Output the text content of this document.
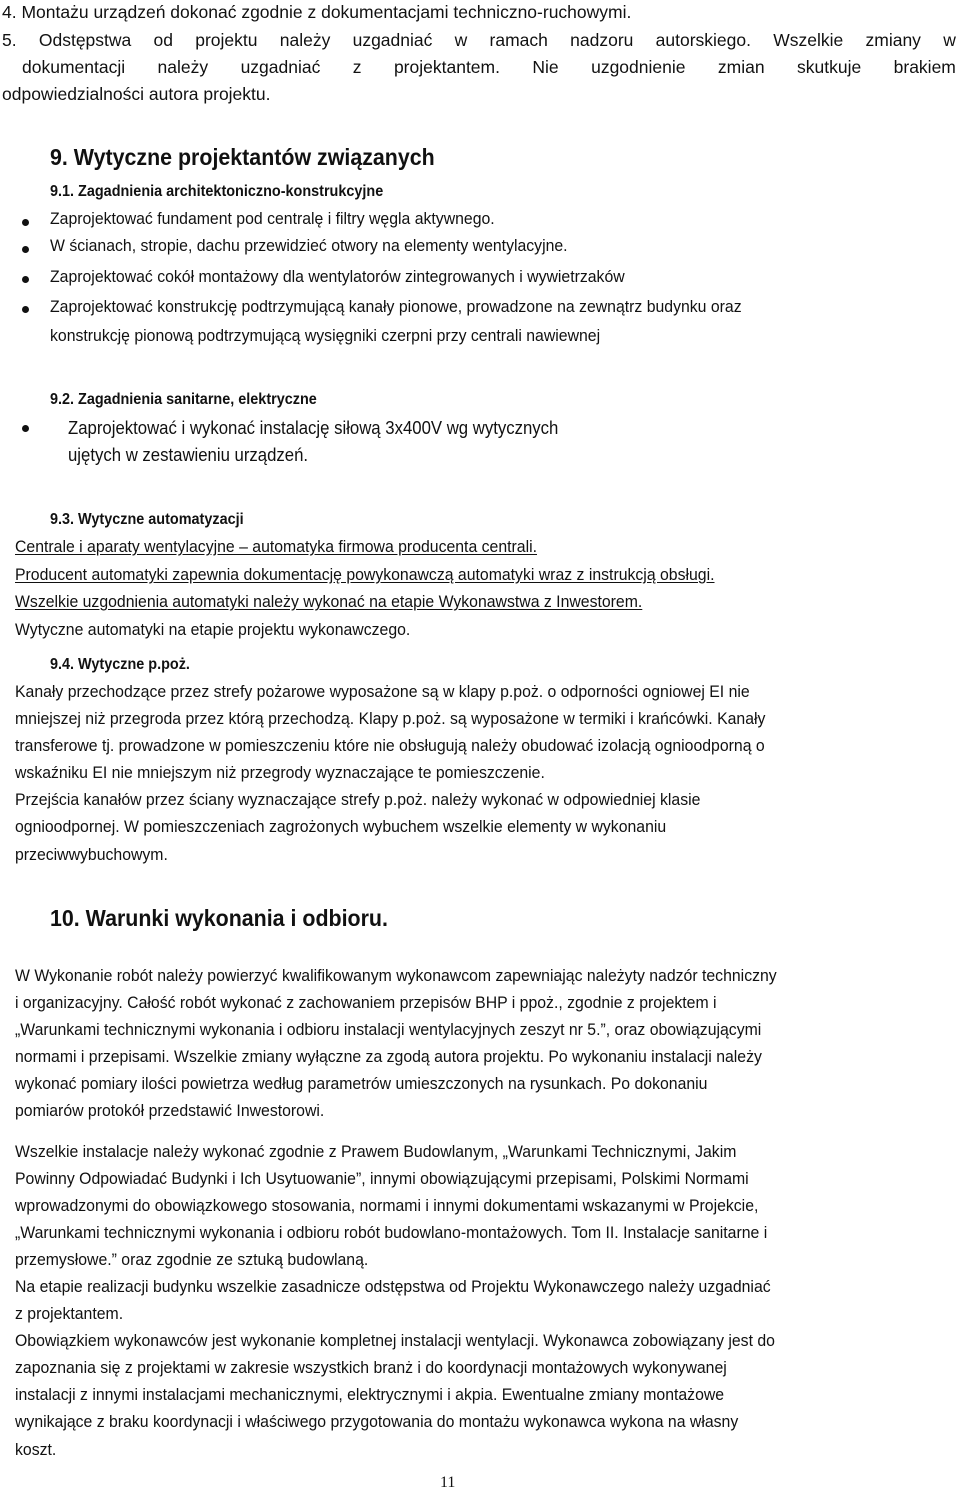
4. Montażu urządzeń dokonać zgodnie z dokumentacjami techniczno-ruchowymi.
5. Odstępstwa od projektu należy uzgadniać w ramach nadzoru autorskiego. Wszelkie zmiany w
dokumentacji należy uzgadniać z projektantem. Nie uzgodnienie zmian skutkuje brakiem
odpowiedzialności autora projektu.
9. Wytyczne projektantów związanych
9.1. Zagadnienia architektoniczno-konstrukcyjne
Zaprojektować fundament pod centralę i filtry węgla aktywnego.
W ścianach, stropie, dachu przewidzieć otwory na elementy wentylacyjne.
Zaprojektować cokół montażowy dla wentylatorów zintegrowanych i wywietrzaków
Zaprojektować konstrukcję podtrzymującą kanały pionowe, prowadzone na zewnątrz budynku oraz
konstrukcję pionową podtrzymującą wysięgniki czerpni przy centrali nawiewnej
9.2. Zagadnienia sanitarne, elektryczne
Zaprojektować i wykonać instalację siłową 3x400V wg wytycznych
ujętych w zestawieniu urządzeń.
9.3. Wytyczne automatyzacji
Centrale i aparaty wentylacyjne – automatyka firmowa producenta centrali.
Producent automatyki zapewnia dokumentację powykonawczą automatyki wraz z instrukcją obsługi.
Wszelkie uzgodnienia automatyki należy wykonać na etapie Wykonawstwa z Inwestorem.
Wytyczne automatyki na etapie projektu wykonawczego.
9.4. Wytyczne p.poż.
Kanały przechodzące przez strefy pożarowe wyposażone są w klapy p.poż. o odporności ogniowej EI nie
mniejszej niż przegroda przez którą przechodzą. Klapy p.poż. są wyposażone w termiki i krańcówki. Kanały
transferowe tj. prowadzone w pomieszczeniu które nie obsługują należy obudować izolacją ognioodporną o
wskaźniku EI nie mniejszym niż przegrody wyznaczające te pomieszczenie.
Przejścia kanałów przez ściany wyznaczające strefy p.poż. należy wykonać w odpowiedniej klasie
ognioodpornej. W pomieszczeniach zagrożonych wybuchem wszelkie elementy w wykonaniu
przeciwwybuchowym.
10. Warunki wykonania i odbioru.
W Wykonanie robót należy powierzyć kwalifikowanym wykonawcom zapewniając należyty nadzór techniczny
i organizacyjny. Całość robót wykonać z zachowaniem przepisów BHP i ppoż., zgodnie z projektem i
„Warunkami technicznymi wykonania i odbioru instalacji wentylacyjnych zeszyt nr 5.”, oraz obowiązującymi
normami i przepisami. Wszelkie zmiany wyłączne za zgodą autora projektu. Po wykonaniu instalacji należy
wykonać pomiary ilości powietrza według parametrów umieszczonych na rysunkach. Po dokonaniu
pomiarów protokół przedstawić Inwestorowi.
Wszelkie instalacje należy wykonać zgodnie z Prawem Budowlanym, „Warunkami Technicznymi, Jakim
Powinny Odpowiadać Budynki i Ich Usytuowanie”, innymi obowiązującymi przepisami, Polskimi Normami
wprowadzonymi do obowiązkowego stosowania, normami i innymi dokumentami wskazanymi w Projekcie,
„Warunkami technicznymi wykonania i odbioru robót budowlano-montażowych. Tom II. Instalacje sanitarne i
przemysłowe.” oraz zgodnie ze sztuką budowlaną.
Na etapie realizacji budynku wszelkie zasadnicze odstępstwa od Projektu Wykonawczego należy uzgadniać
z projektantem.
Obowiązkiem wykonawców jest wykonanie kompletnej instalacji wentylacji. Wykonawca zobowiązany jest do
zapoznania się z projektami w zakresie wszystkich branż i do koordynacji montażowych wykonywanej
instalacji z innymi instalacjami mechanicznymi, elektrycznymi i akpia. Ewentualne zmiany montażowe
wynikające z braku koordynacji i właściwego przygotowania do montażu wykonawca wykona na własny
koszt.
11
